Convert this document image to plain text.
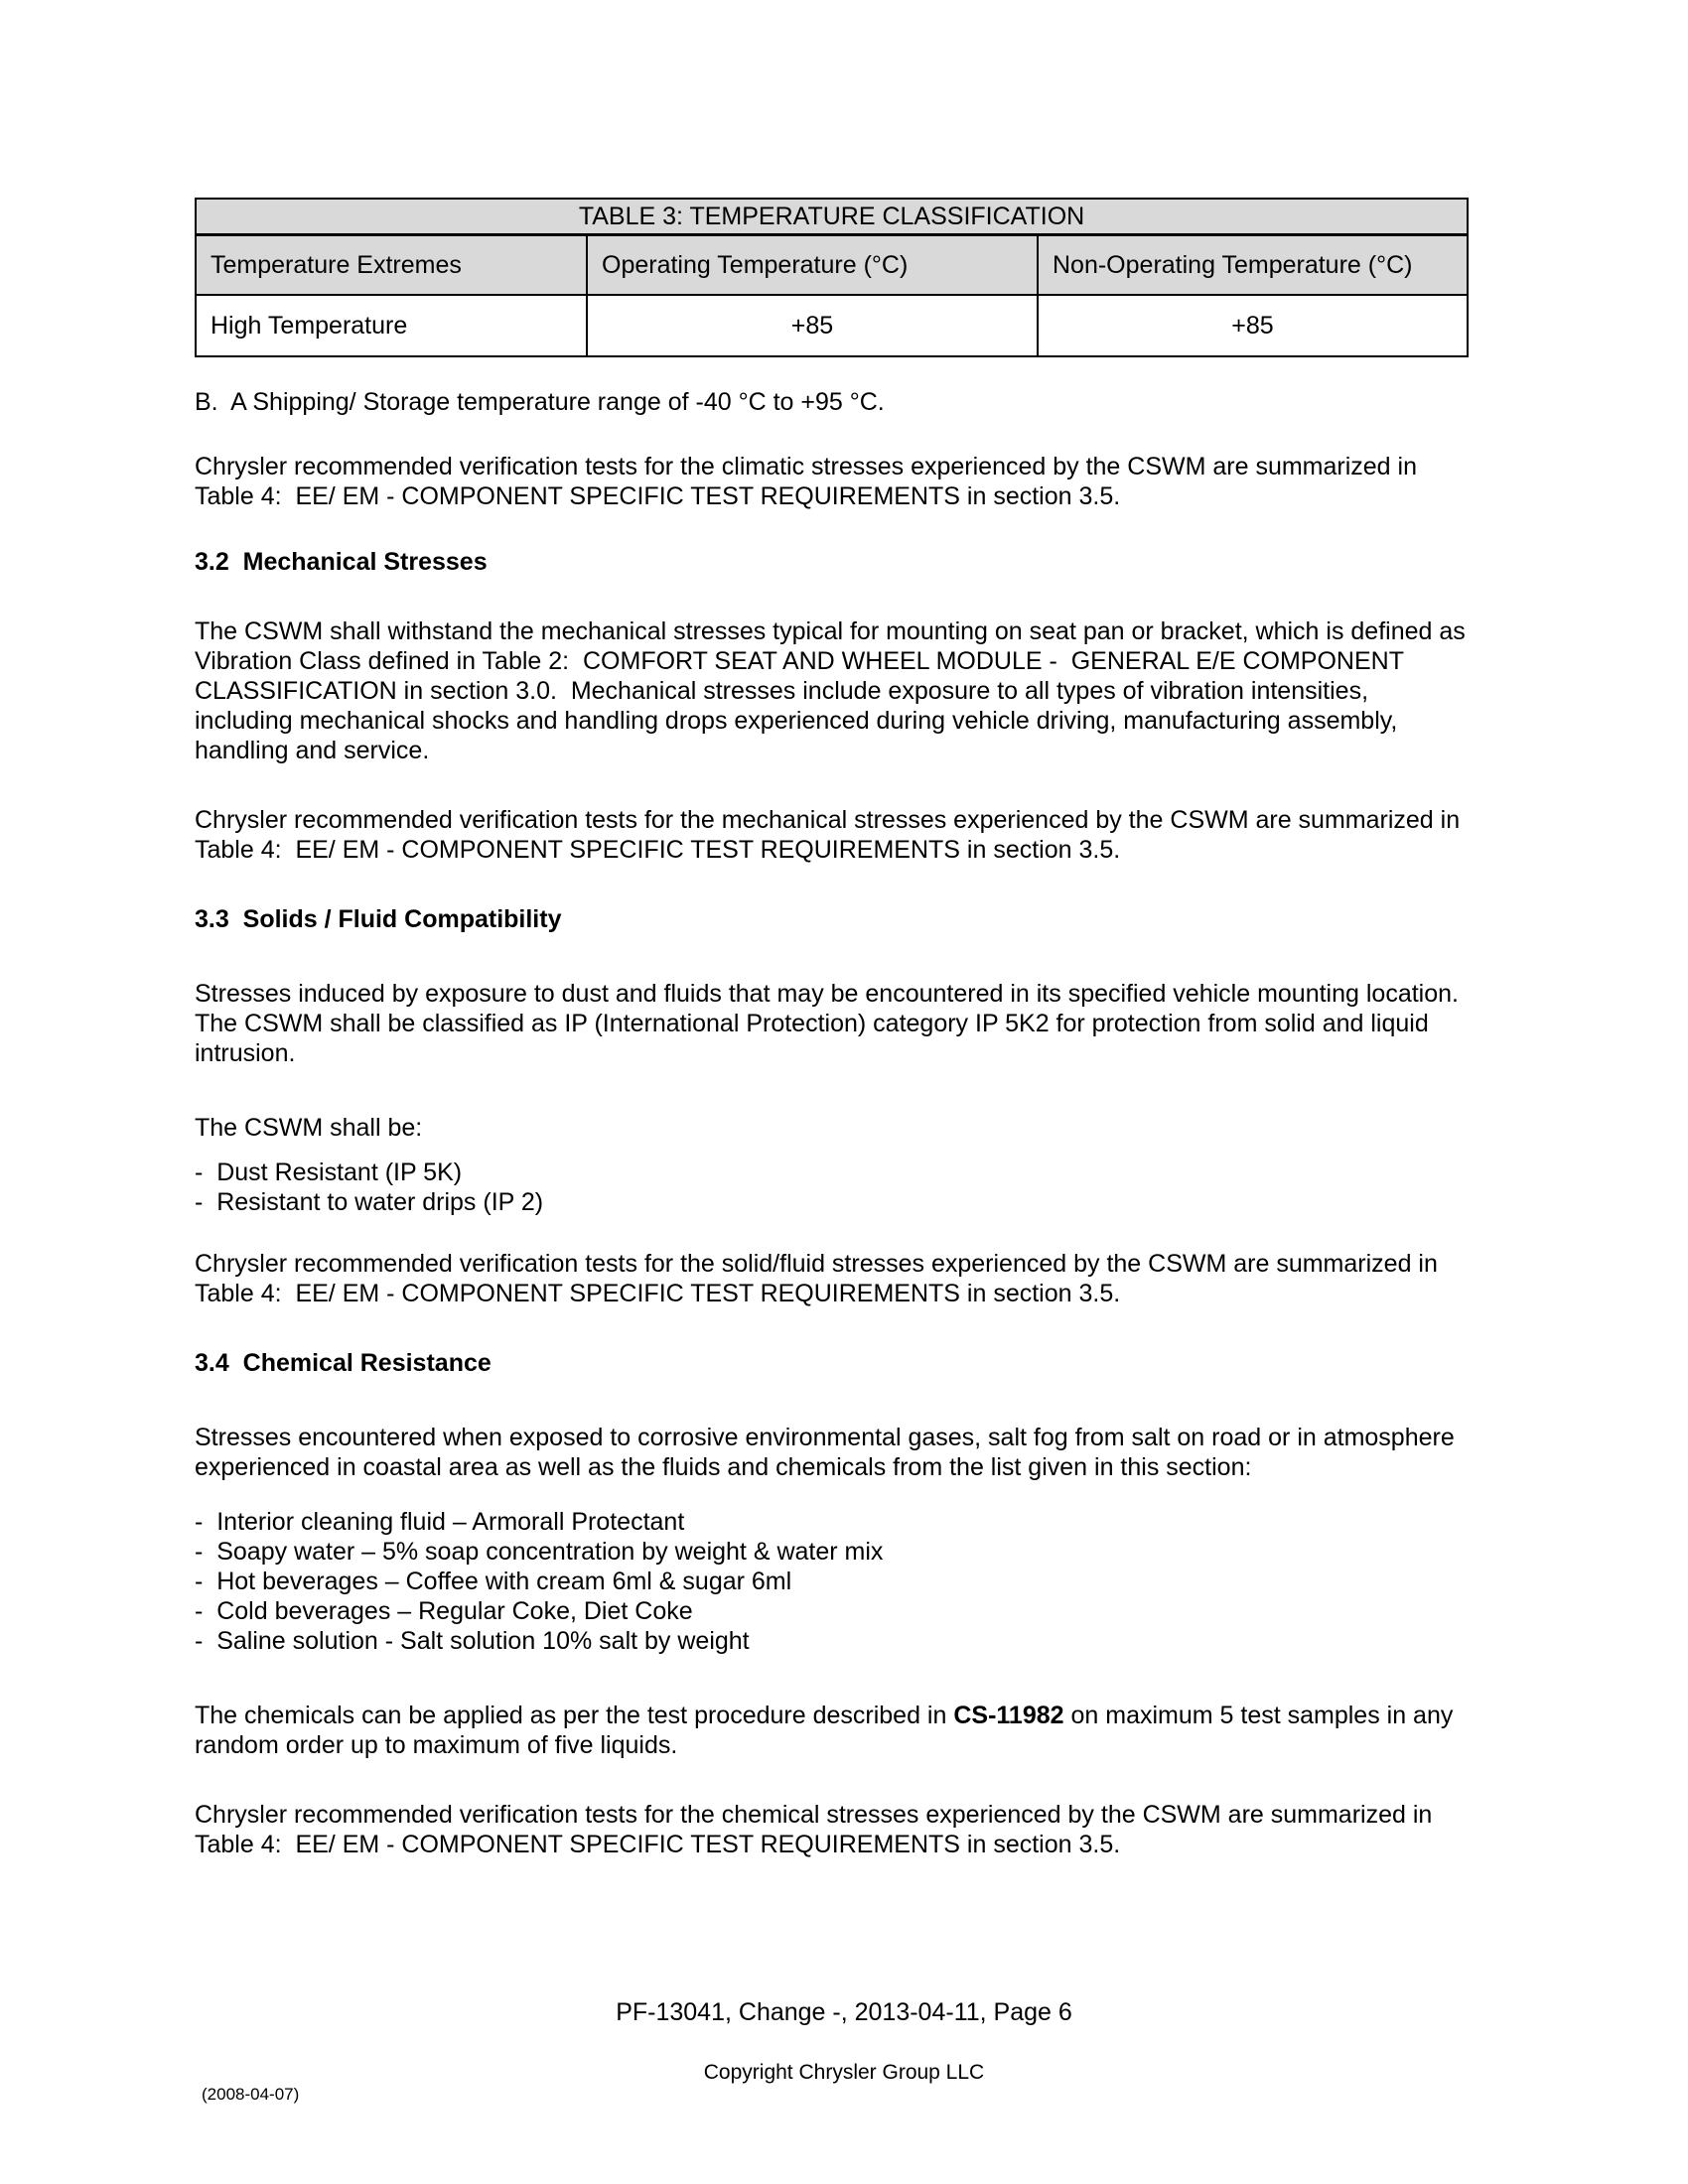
TABLE 3: TEMPERATURE CLASSIFICATION		
Temperature Extremes	Operating Temperature (°C)	Non-Operating Temperature (°C)
High Temperature	+85	+85

B.  A Shipping/ Storage temperature range of -40 °C to +95 °C.

Chrysler recommended verification tests for the climatic stresses experienced by the CSWM are summarized in Table 4:  EE/ EM - COMPONENT SPECIFIC TEST REQUIREMENTS in section 3.5.

3.2  Mechanical Stresses

The CSWM shall withstand the mechanical stresses typical for mounting on seat pan or bracket, which is defined as Vibration Class defined in Table 2:  COMFORT SEAT AND WHEEL MODULE -  GENERAL E/E COMPONENT CLASSIFICATION in section 3.0.  Mechanical stresses include exposure to all types of vibration intensities, including mechanical shocks and handling drops experienced during vehicle driving, manufacturing assembly, handling and service.

Chrysler recommended verification tests for the mechanical stresses experienced by the CSWM are summarized in Table 4:  EE/ EM - COMPONENT SPECIFIC TEST REQUIREMENTS in section 3.5.

3.3  Solids / Fluid Compatibility

Stresses induced by exposure to dust and fluids that may be encountered in its specified vehicle mounting location.  The CSWM shall be classified as IP (International Protection) category IP 5K2 for protection from solid and liquid intrusion.

The CSWM shall be:

-  Dust Resistant (IP 5K)
-  Resistant to water drips (IP 2)

Chrysler recommended verification tests for the solid/fluid stresses experienced by the CSWM are summarized in Table 4:  EE/ EM - COMPONENT SPECIFIC TEST REQUIREMENTS in section 3.5.

3.4  Chemical Resistance

Stresses encountered when exposed to corrosive environmental gases, salt fog from salt on road or in atmosphere experienced in coastal area as well as the fluids and chemicals from the list given in this section:

-  Interior cleaning fluid – Armorall Protectant
-  Soapy water – 5% soap concentration by weight & water mix
-  Hot beverages – Coffee with cream 6ml & sugar 6ml
-  Cold beverages – Regular Coke, Diet Coke
-  Saline solution - Salt solution 10% salt by weight

The chemicals can be applied as per the test procedure described in CS-11982 on maximum 5 test samples in any random order up to maximum of five liquids.

Chrysler recommended verification tests for the chemical stresses experienced by the CSWM are summarized in Table 4:  EE/ EM - COMPONENT SPECIFIC TEST REQUIREMENTS in section 3.5.

PF-13041, Change -, 2013-04-11, Page 6
Copyright Chrysler Group LLC
(2008-04-07)
